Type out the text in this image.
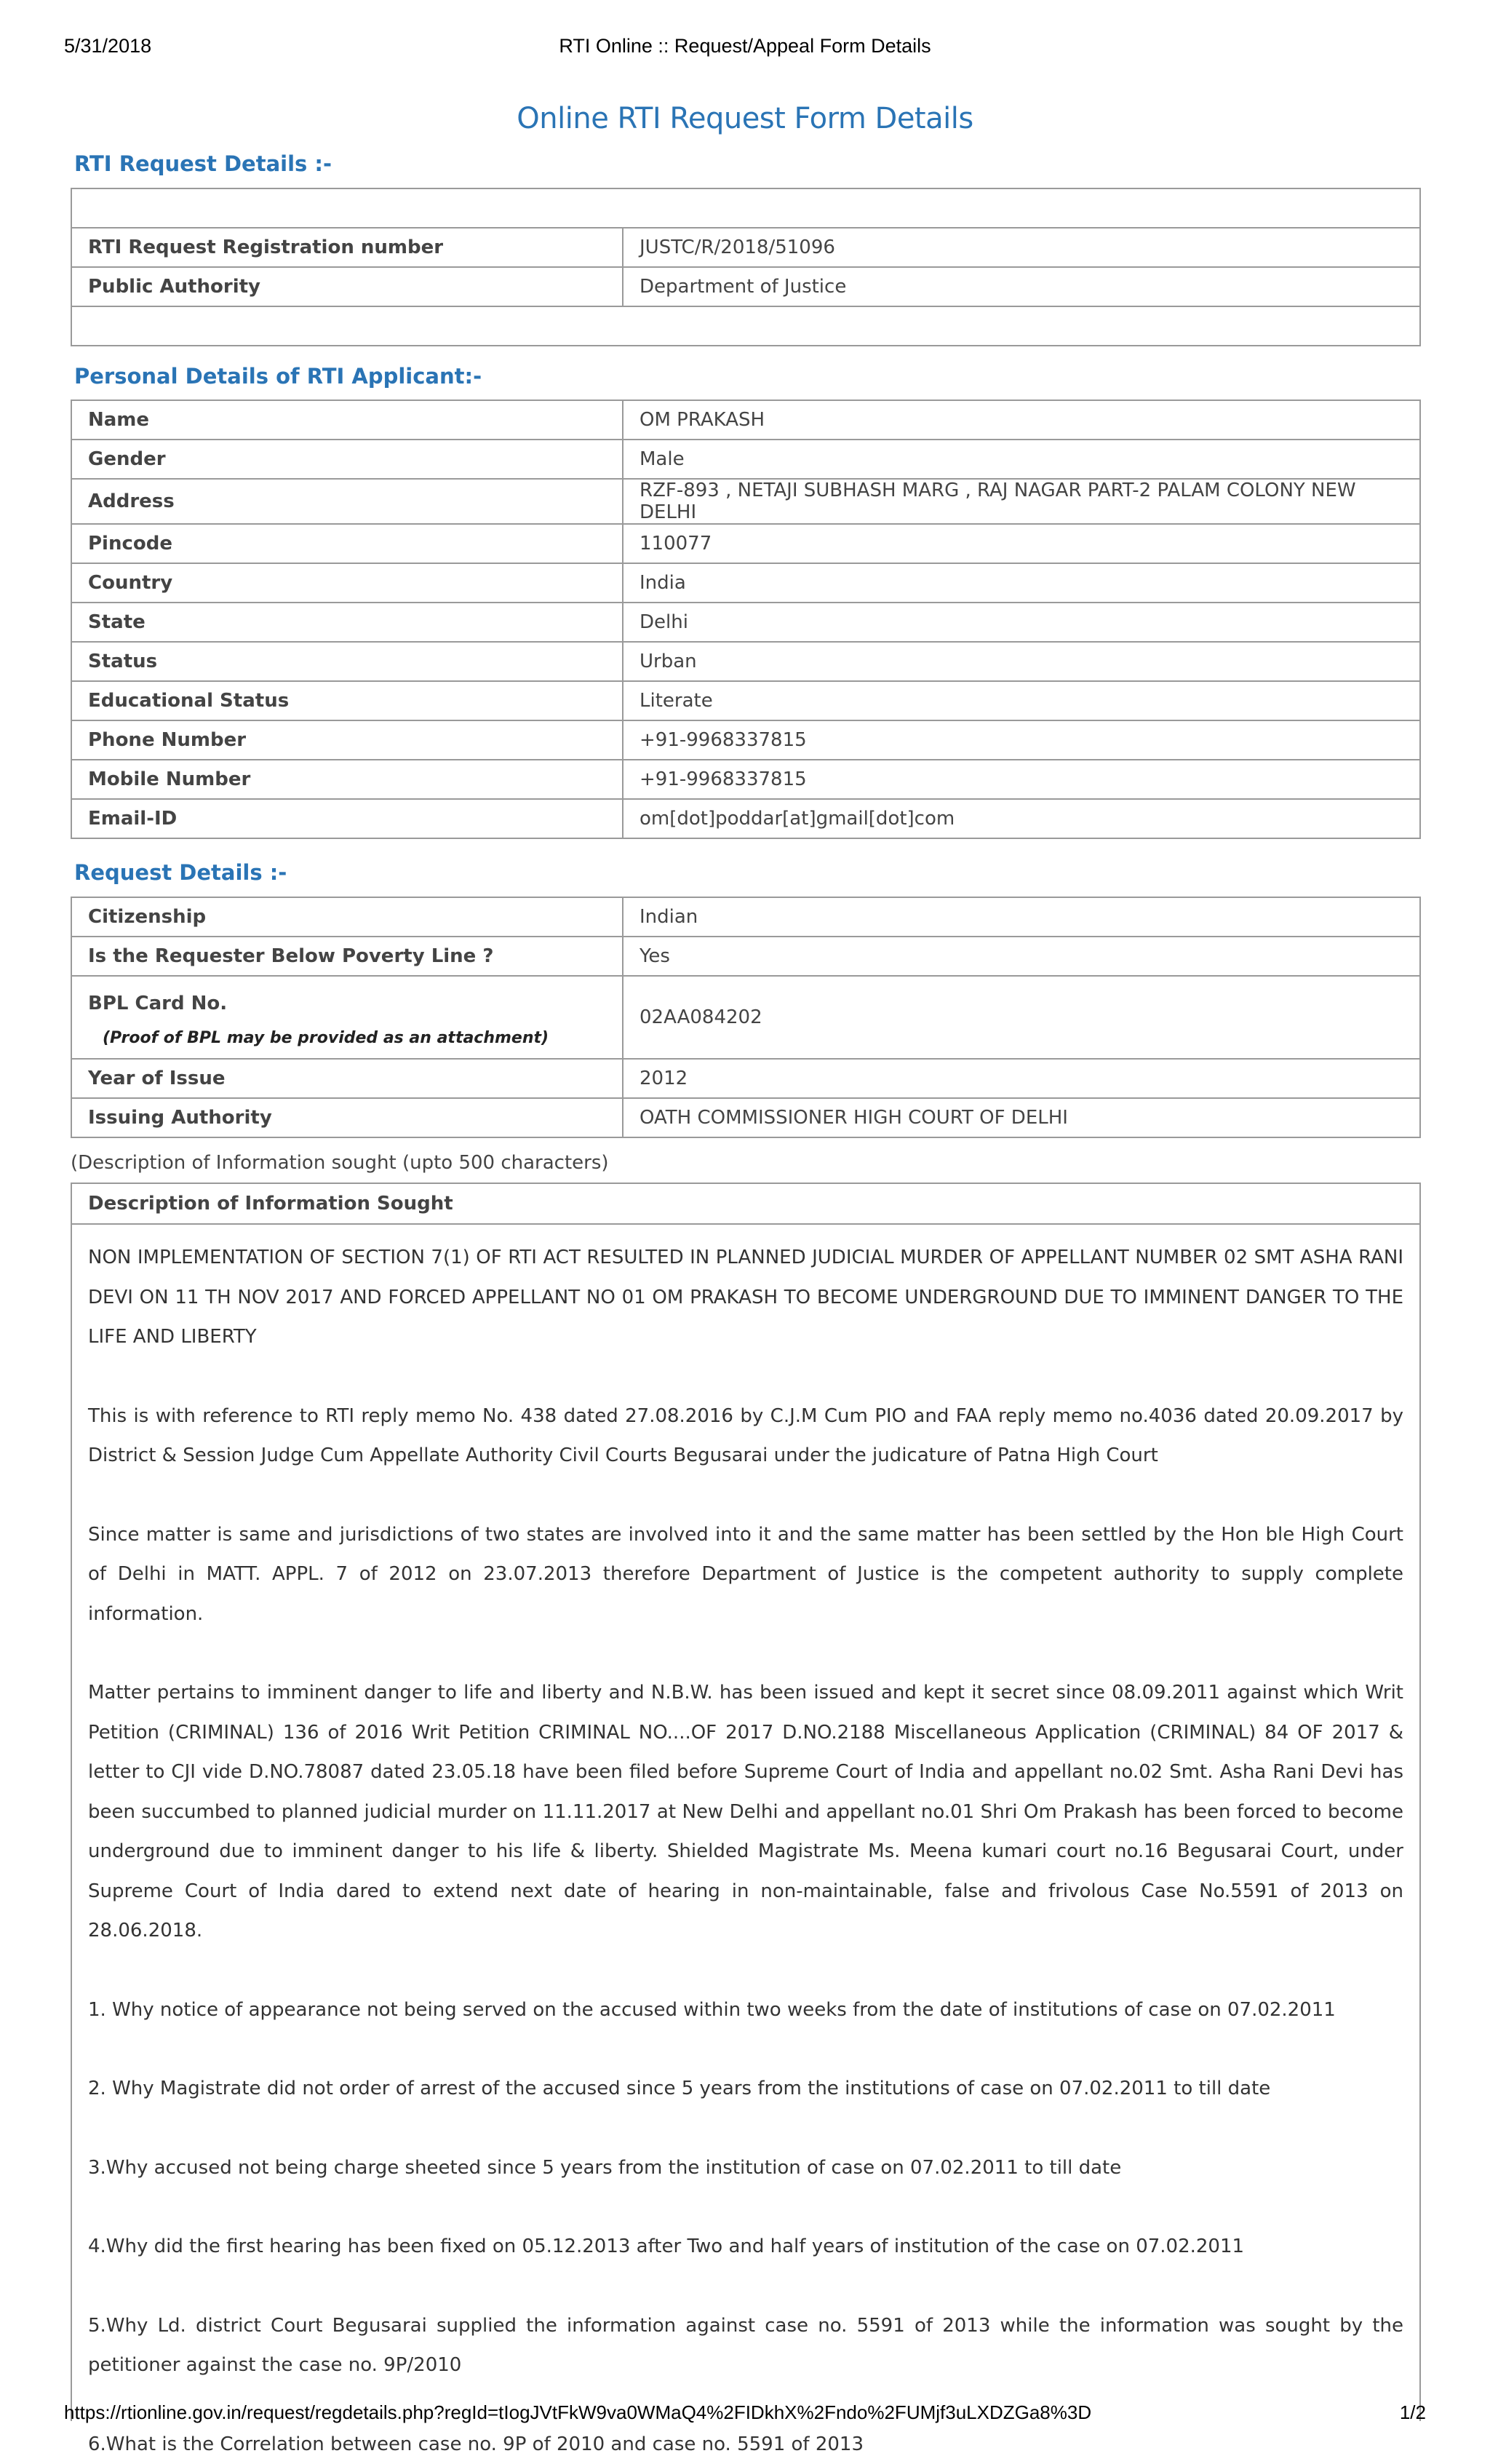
5/31/2018	RTI Online :: Request/Appeal Form Details
Online RTI Request Form Details
RTI Request Details :-

RTI Request Registration number	JUSTC/R/2018/51096
Public Authority	Department of Justice

Personal Details of RTI Applicant:-
Name	OM PRAKASH
Gender	Male
Address	RZF-893 , NETAJI SUBHASH MARG , RAJ NAGAR PART-2 PALAM COLONY NEW DELHI
Pincode	110077
Country	India
State	Delhi
Status	Urban
Educational Status	Literate
Phone Number	+91-9968337815
Mobile Number	+91-9968337815
Email-ID	om[dot]poddar[at]gmail[dot]com
Request Details :-
Citizenship	Indian
Is the Requester Below Poverty Line ?	Yes

BPL Card No.
(Proof of BPL may be provided as an attachment)	02AA084202
Year of Issue	2012
Issuing Authority	OATH COMMISSIONER HIGH COURT OF DELHI
(Description of Information sought (upto 500 characters)
Description of Information Sought

NON IMPLEMENTATION OF SECTION 7(1) OF RTI ACT RESULTED IN PLANNED JUDICIAL MURDER OF APPELLANT NUMBER 02 SMT ASHA RANI DEVI ON 11 TH NOV 2017 AND FORCED APPELLANT NO 01 OM PRAKASH TO BECOME UNDERGROUND DUE TO IMMINENT DANGER TO THE LIFE AND LIBERTY

This is with reference to RTI reply memo No. 438 dated 27.08.2016 by C.J.M Cum PIO and FAA reply memo no.4036 dated 20.09.2017 by District & Session Judge Cum Appellate Authority Civil Courts Begusarai under the judicature of Patna High Court

Since matter is same and jurisdictions of two states are involved into it and the same matter has been settled by the Hon ble High Court of Delhi in MATT. APPL. 7 of 2012 on 23.07.2013 therefore Department of Justice is the competent authority to supply complete information.

Matter pertains to imminent danger to life and liberty and N.B.W. has been issued and kept it secret since 08.09.2011 against which Writ Petition (CRIMINAL) 136 of 2016 Writ Petition CRIMINAL NO....OF 2017 D.NO.2188 Miscellaneous Application (CRIMINAL) 84 OF 2017 & letter to CJI vide D.NO.78087 dated 23.05.18 have been filed before Supreme Court of India and appellant no.02 Smt. Asha Rani Devi has been succumbed to planned judicial murder on 11.11.2017 at New Delhi and appellant no.01 Shri Om Prakash has been forced to become underground due to imminent danger to his life & liberty. Shielded Magistrate Ms. Meena kumari court no.16 Begusarai Court, under Supreme Court of India dared to extend next date of hearing in non-maintainable, false and frivolous Case No.5591 of 2013 on 28.06.2018.

1. Why notice of appearance not being served on the accused within two weeks from the date of institutions of case on 07.02.2011

2. Why Magistrate did not order of arrest of the accused since 5 years from the institutions of case on 07.02.2011 to till date

3.Why accused not being charge sheeted since 5 years from the institution of case on 07.02.2011 to till date

4.Why did the first hearing has been fixed on 05.12.2013 after Two and half years of institution of the case on 07.02.2011

5.Why Ld. district Court Begusarai supplied the information against case no. 5591 of 2013 while the information was sought by the petitioner against the case no. 9P/2010

6.What is the Correlation between case no. 9P of 2010 and case no. 5591 of 2013

https://rtionline.gov.in/request/regdetails.php?regId=tIogJVtFkW9va0WMaQ4%2FIDkhX%2Fndo%2FUMjf3uLXDZGa8%3D	1/2
